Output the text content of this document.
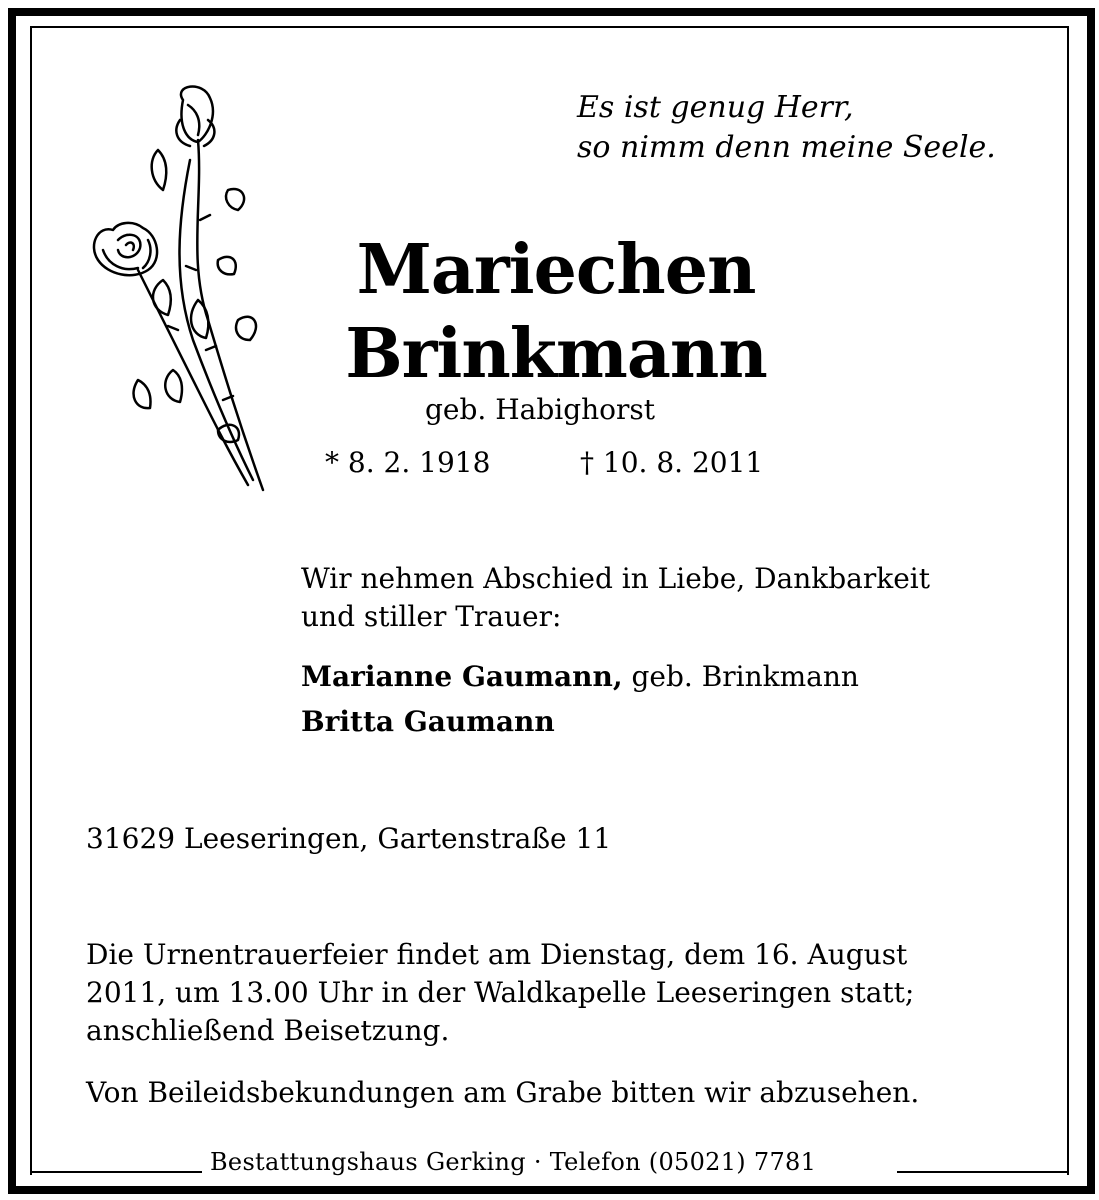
Es ist genug Herr,
so nimm denn meine Seele.
Mariechen
Brinkmann
geb. Habighorst
* 8. 2. 1918	† 10. 8. 2011
Wir nehmen Abschied in Liebe, Dankbarkeit
und stiller Trauer:
Marianne Gaumann, geb. Brinkmann
Britta Gaumann
31629 Leeseringen, Gartenstraße 11
Die Urnentrauerfeier findet am Dienstag, dem 16. August
2011, um 13.00 Uhr in der Waldkapelle Leeseringen statt;
anschließend Beisetzung.
Von Beileidsbekundungen am Grabe bitten wir abzusehen.
Bestattungshaus Gerking · Telefon (05021) 7781
